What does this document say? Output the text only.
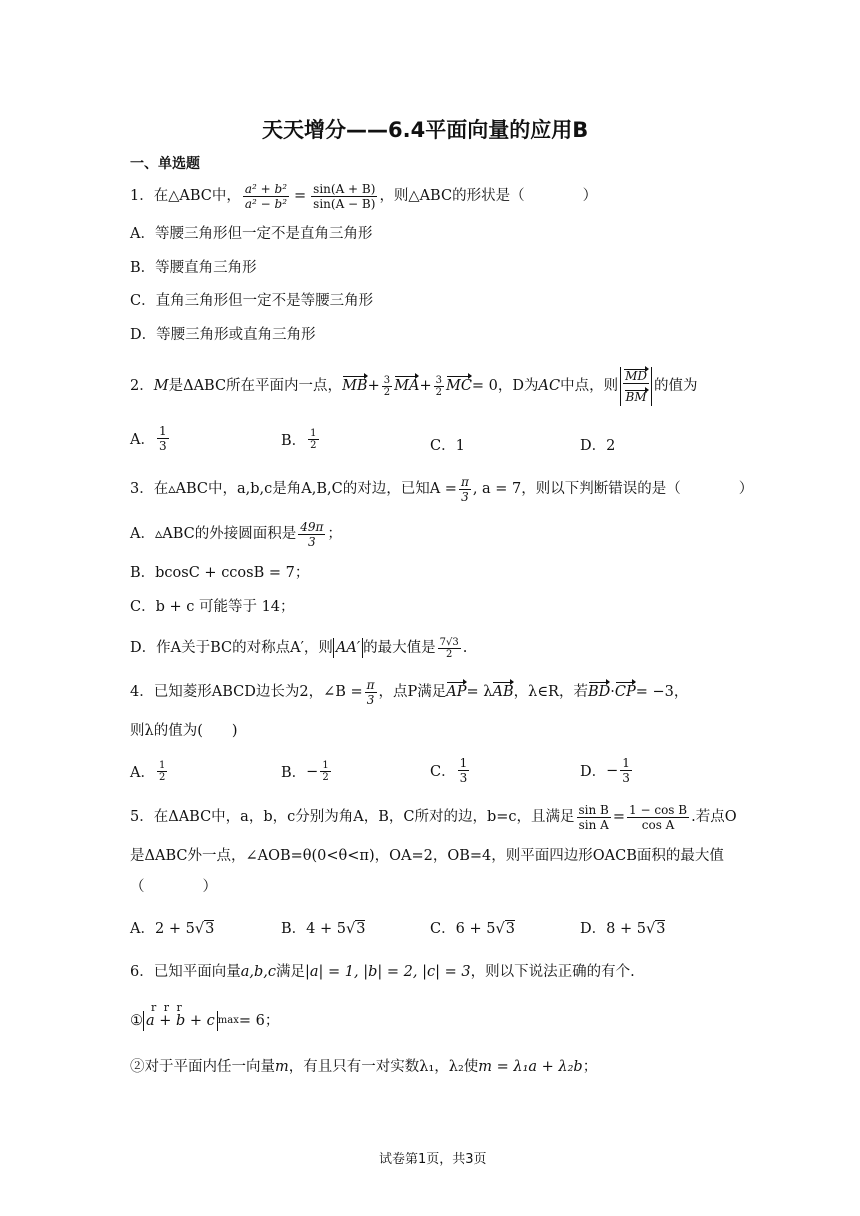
天天增分——6.4平面向量的应用B
一、单选题
1．在△ABC中， $\frac{\text{a² + b²}}{\text{a² − b²}} = \frac{\sin(A + B)}{\sin(A - B)}$ ，则△ABC的形状是（　　　　）
A．等腰三角形但一定不是直角三角形
B．等腰直角三角形
C．直角三角形但一定不是等腰三角形
D．等腰三角形或直角三角形
2． M 是ΔABC所在平面内一点， MB + $\frac{3}{2}$ MA + $\frac{3}{2}$ MC = 0 ，D为 AC 中点，则 $\frac{MD}{BM}$ 的值为
A． $\frac{1}{3}$	B． $\frac{1}{2}$	C．1	D．2
3．在▵ABC中，a,b,c是角A,B,C的对边，已知$A = \frac{\pi}{3}$ , a = 7，则以下判断错误的是（　　　　）
A．▵ABC的外接圆面积是 $\frac{49\pi}{3}$ ；
B．bcosC + ccosB = 7；
C．b + c 可能等于 14；
D．作A关于BC的对称点A′，则 AA′ 的最大值是 $\frac{7√3}{2}$ .
4．已知菱形ABCD边长为2，∠B = $\frac{\pi}{3}$ ，点P满足 AP = λ AB ，λ∈R，若 BD · CP = −3，
则λ的值为(　　)
A． $\frac{1}{2}$	B． − $\frac{1}{2}$	C． $\frac{1}{3}$	D． − $\frac{1}{3}$
5．在ΔABC中，a，b，c分别为角A，B，C所对的边，b=c，且满足 $\frac{\text{sin B}}{\text{sin A}} = \frac{\text{1 − cos B}}{\text{cos A}}$ .若点O
是ΔABC外一点，∠AOB=θ(0<θ<π)，OA=2，OB=4，则平面四边形OACB面积的最大值
（　　　　）
A．2 + 5√3	B．4 + 5√3	C．6 + 5√3	D．8 + 5√3
6．已知平面向量 a,b,c 满足 |a| = 1, |b| = 2, |c| = 3 ，则以下说法正确的有个.
r r r
① a + b + c max = 6；
②对于平面内任一向量 m ，有且只有一对实数λ₁，λ₂使 m = λ₁a + λ₂b ；
试卷第1页，共3页
